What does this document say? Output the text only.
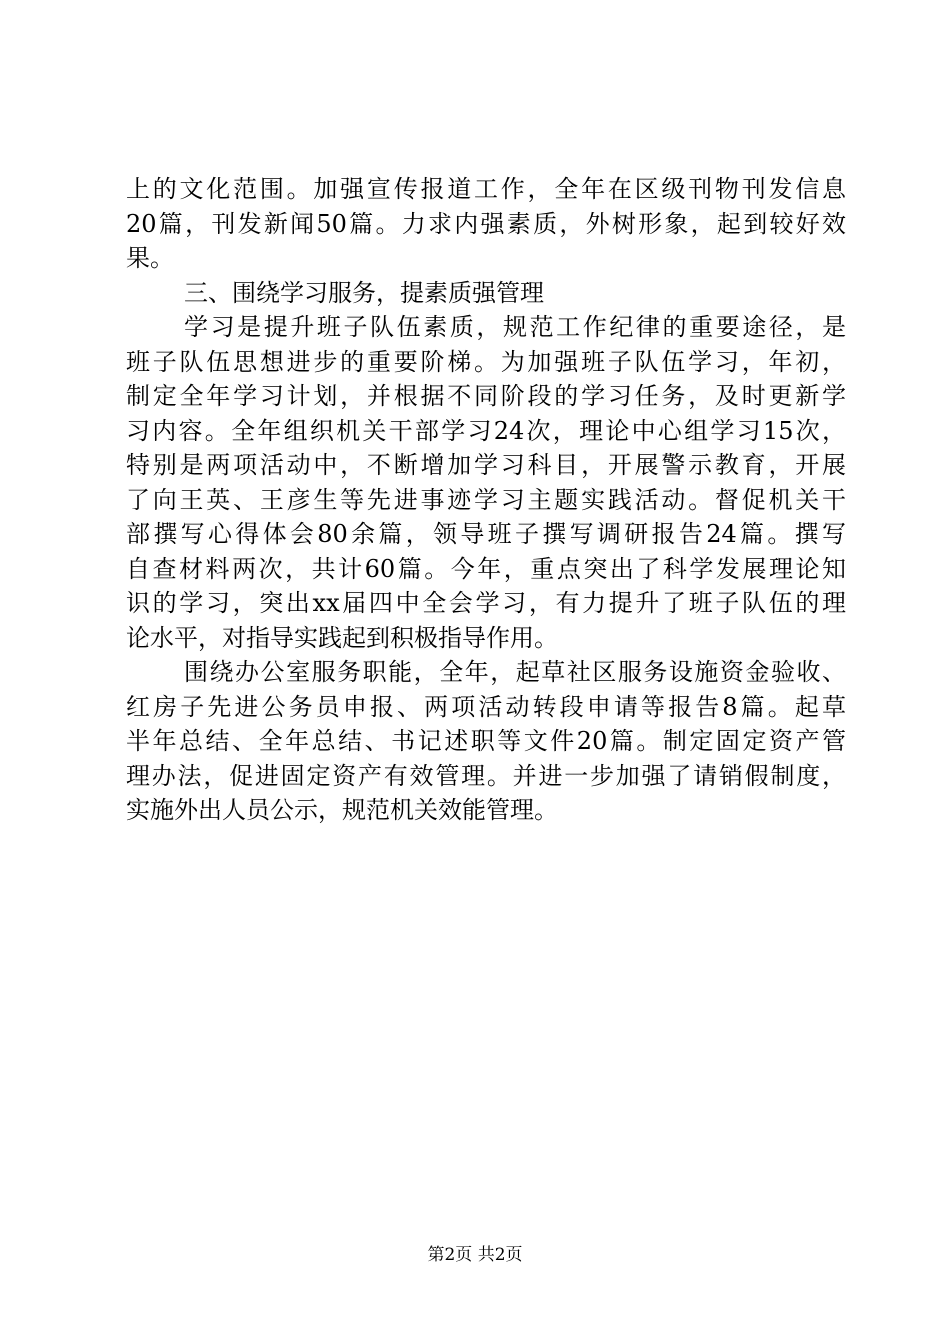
上的文化范围。加强宣传报道工作，全年在区级刊物刊发信息
20篇，刊发新闻50篇。力求内强素质，外树形象，起到较好效
果。
三、围绕学习服务，提素质强管理
学习是提升班子队伍素质，规范工作纪律的重要途径，是
班子队伍思想进步的重要阶梯。为加强班子队伍学习，年初，
制定全年学习计划，并根据不同阶段的学习任务，及时更新学
习内容。全年组织机关干部学习24次，理论中心组学习15次，
特别是两项活动中，不断增加学习科目，开展警示教育，开展
了向王英、王彦生等先进事迹学习主题实践活动。督促机关干
部撰写心得体会80余篇，领导班子撰写调研报告24篇。撰写
自查材料两次，共计60篇。今年，重点突出了科学发展理论知
识的学习，突出xx届四中全会学习，有力提升了班子队伍的理
论水平，对指导实践起到积极指导作用。
围绕办公室服务职能，全年，起草社区服务设施资金验收、
红房子先进公务员申报、两项活动转段申请等报告8篇。起草
半年总结、全年总结、书记述职等文件20篇。制定固定资产管
理办法，促进固定资产有效管理。并进一步加强了请销假制度，
实施外出人员公示，规范机关效能管理。
第2页 共2页
